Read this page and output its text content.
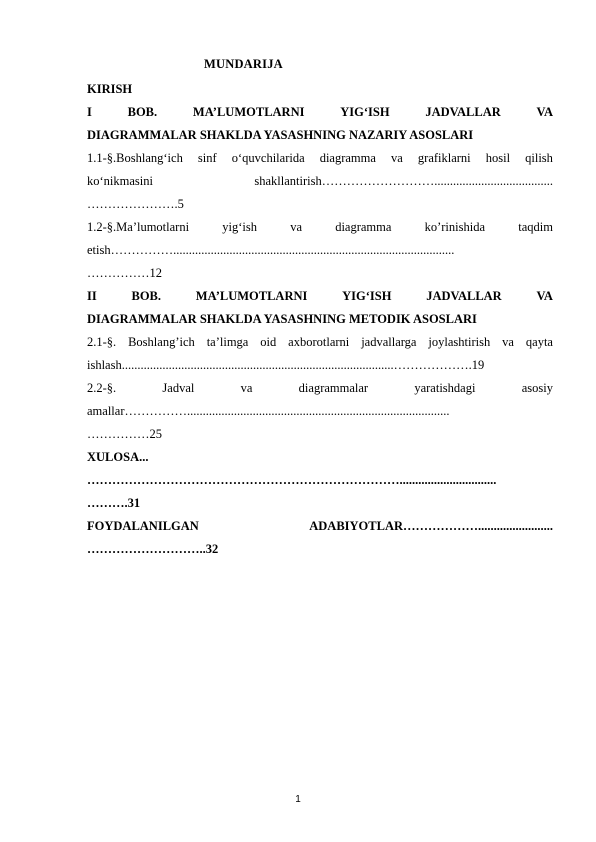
MUNDARIJA
KIRISH
I	BOB.	MA’LUMOTLARNI	YIG‘ISH	JADVALLAR	VA
DIAGRAMMALAR SHAKLDA YASASHNING NAZARIY ASOSLARI
1.1-§.Boshlang‘ich sinf o‘quvchilarida diagramma va grafiklarni hosil qilish
ko‘nikmasini	shakllantirish………………………......................................
………………….5
1.2-§.Ma’lumotlarni	yig‘ish	va	diagramma	ko’rinishida	taqdim
etish……………..........................................................................................
……………12
II	BOB.	MA’LUMOTLARNI	YIG‘ISH	JADVALLAR	VA
DIAGRAMMALAR SHAKLDA YASASHNING METODIK ASOSLARI
2.1-§. Boshlang’ich ta’limga oid axborotlarni jadvallarga joylashtirish va qayta
ishlash.......................................................................................……………….19
2.2-§.	Jadval	va	diagrammalar	yaratishdagi	asosiy
amallar……………....................................................................................
……………25
XULOSA...
…………………………………………………………………...............................
……….31
FOYDALANILGAN	ADABIYOTLAR………………........................
………………………..32
1
